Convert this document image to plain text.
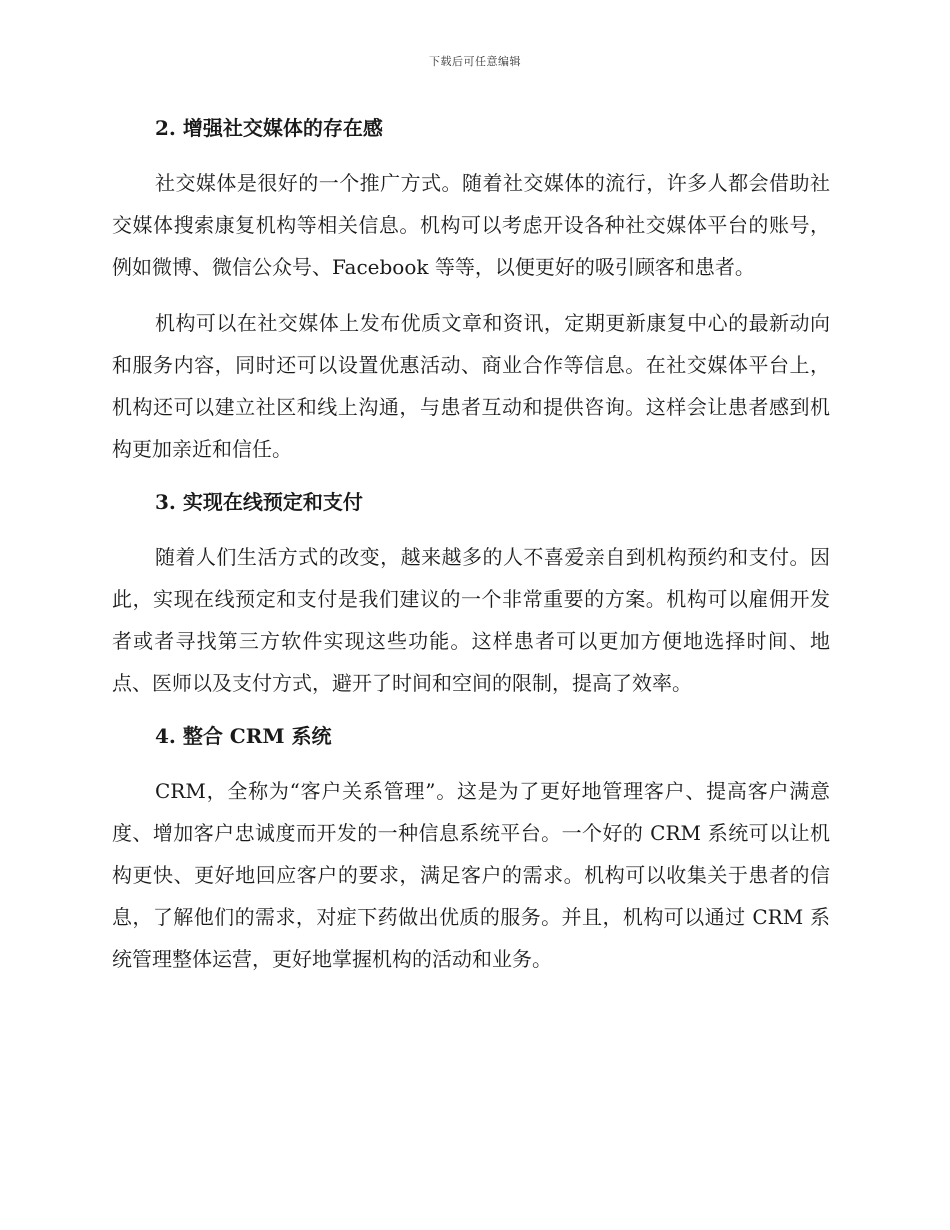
下载后可任意编辑
2. 增强社交媒体的存在感

社交媒体是很好的一个推广方式。随着社交媒体的流行，许多人都会借助社交媒体搜索康复机构等相关信息。机构可以考虑开设各种社交媒体平台的账号，例如微博、微信公众号、Facebook 等等，以便更好的吸引顾客和患者。

机构可以在社交媒体上发布优质文章和资讯，定期更新康复中心的最新动向和服务内容，同时还可以设置优惠活动、商业合作等信息。在社交媒体平台上，机构还可以建立社区和线上沟通，与患者互动和提供咨询。这样会让患者感到机构更加亲近和信任。

3. 实现在线预定和支付

随着人们生活方式的改变，越来越多的人不喜爱亲自到机构预约和支付。因此，实现在线预定和支付是我们建议的一个非常重要的方案。机构可以雇佣开发者或者寻找第三方软件实现这些功能。这样患者可以更加方便地选择时间、地点、医师以及支付方式，避开了时间和空间的限制，提高了效率。

4. 整合 CRM 系统

CRM，全称为“客户关系管理”。这是为了更好地管理客户、提高客户满意度、增加客户忠诚度而开发的一种信息系统平台。一个好的 CRM 系统可以让机构更快、更好地回应客户的要求，满足客户的需求。机构可以收集关于患者的信息，了解他们的需求，对症下药做出优质的服务。并且，机构可以通过 CRM 系统管理整体运营，更好地掌握机构的活动和业务。
